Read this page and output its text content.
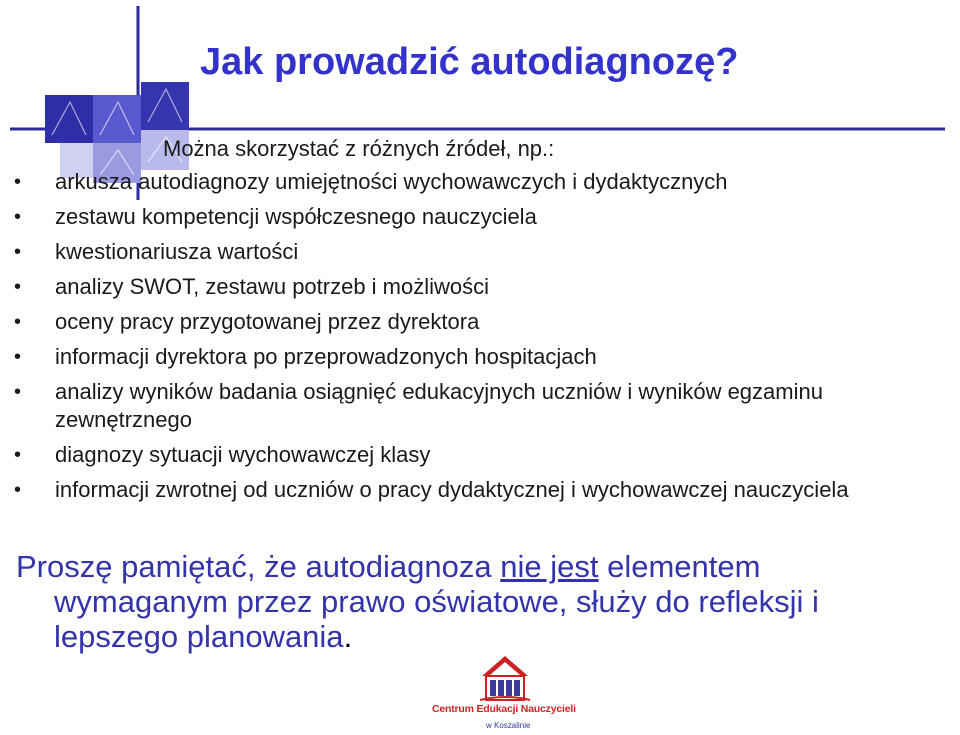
Jak prowadzić autodiagnozę?
Można skorzystać z różnych źródeł, np.:
• arkusza autodiagnozy umiejętności wychowawczych i dydaktycznych
• zestawu kompetencji współczesnego nauczyciela
• kwestionariusza wartości
• analizy SWOT, zestawu potrzeb i możliwości
• oceny pracy przygotowanej przez dyrektora
• informacji dyrektora po przeprowadzonych hospitacjach
• analizy wyników badania osiągnięć edukacyjnych uczniów i wyników egzaminu zewnętrznego
• diagnozy sytuacji wychowawczej klasy
• informacji zwrotnej od uczniów o pracy dydaktycznej i wychowawczej nauczyciela
Proszę pamiętać, że autodiagnoza nie jest elementem
wymaganym przez prawo oświatowe, służy do refleksji i
lepszego planowania.
Centrum Edukacji Nauczycieli
w Koszalinie
